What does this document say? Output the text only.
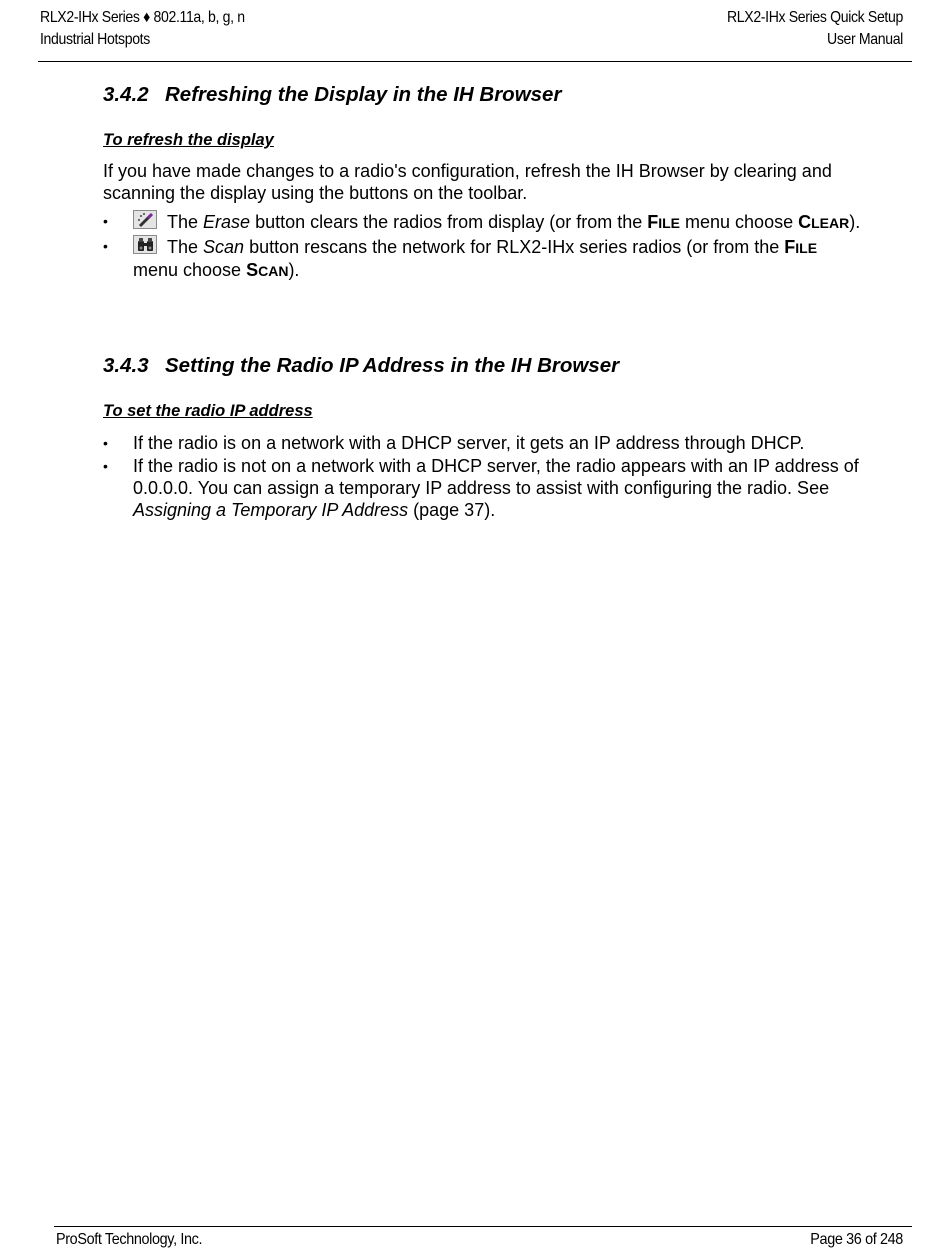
RLX2-IHx Series ♦ 802.11a, b, g, n
Industrial Hotspots
RLX2-IHx Series Quick Setup
User Manual
3.4.2 Refreshing the Display in the IH Browser
To refresh the display
If you have made changes to a radio's configuration, refresh the IH Browser by clearing and scanning the display using the buttons on the toolbar.
•	The Erase button clears the radios from display (or from the FILE menu choose CLEAR).
•	The Scan button rescans the network for RLX2-IHx series radios (or from the FILE menu choose SCAN).
3.4.3 Setting the Radio IP Address in the IH Browser
To set the radio IP address
• If the radio is on a network with a DHCP server, it gets an IP address through DHCP.
• If the radio is not on a network with a DHCP server, the radio appears with an IP address of 0.0.0.0. You can assign a temporary IP address to assist with configuring the radio. See Assigning a Temporary IP Address (page 37).
ProSoft Technology, Inc.	Page 36 of 248
